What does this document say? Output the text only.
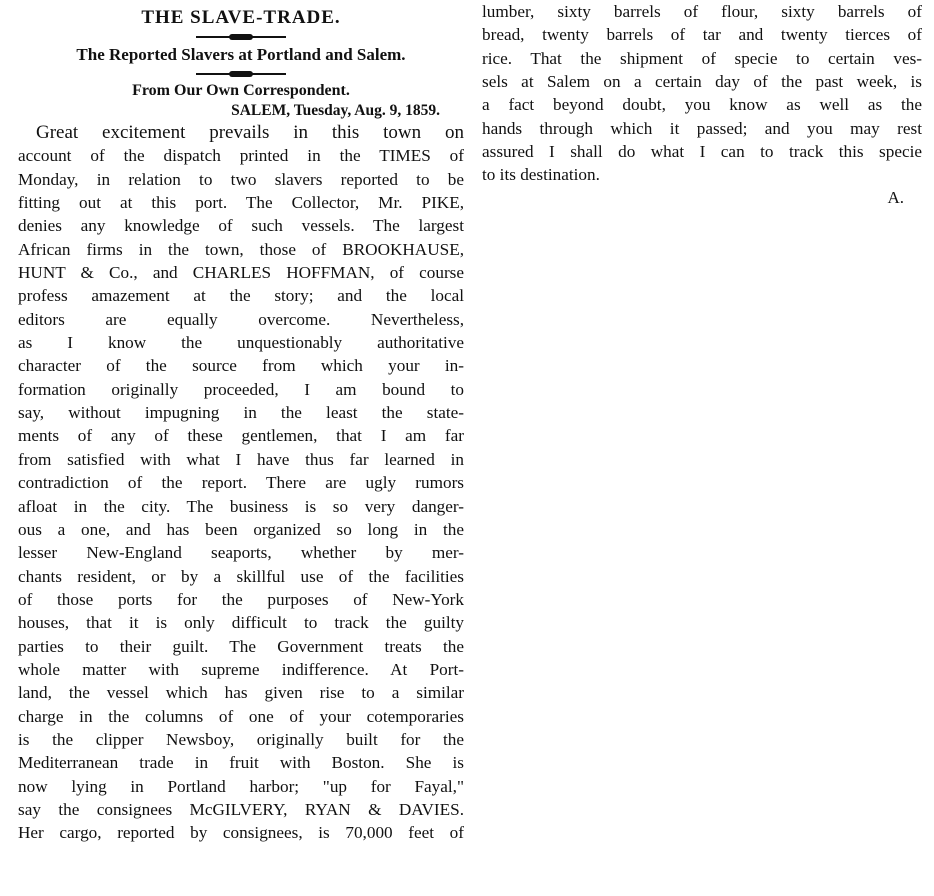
THE SLAVE-TRADE.
The Reported Slavers at Portland and Salem.
From Our Own Correspondent.
SALEM, Tuesday, Aug. 9, 1859.

Great excitement prevails in this town on
account of the dispatch printed in the TIMES of
Monday, in relation to two slavers reported to be
fitting out at this port. The Collector, Mr. PIKE,
denies any knowledge of such vessels. The largest
African firms in the town, those of BROOKHAUSE,
HUNT & Co., and CHARLES HOFFMAN, of course
profess amazement at the story; and the local
editors are equally overcome. Nevertheless,
as I know the unquestionably authoritative
character of the source from which your in-
formation originally proceeded, I am bound to
say, without impugning in the least the state-
ments of any of these gentlemen, that I am far
from satisfied with what I have thus far learned in
contradiction of the report. There are ugly rumors
afloat in the city. The business is so very danger-
ous a one, and has been organized so long in the
lesser New-England seaports, whether by mer-
chants resident, or by a skillful use of the facilities
of those ports for the purposes of New-York
houses, that it is only difficult to track the guilty
parties to their guilt. The Government treats the
whole matter with supreme indifference. At Port-
land, the vessel which has given rise to a similar
charge in the columns of one of your cotemporaries
is the clipper Newsboy, originally built for the
Mediterranean trade in fruit with Boston. She is
now lying in Portland harbor; "up for Fayal,"
say the consignees McGILVERY, RYAN & DAVIES.
Her cargo, reported by consignees, is 70,000 feet of

lumber, sixty barrels of flour, sixty barrels of
bread, twenty barrels of tar and twenty tierces of
rice. That the shipment of specie to certain ves-
sels at Salem on a certain day of the past week, is
a fact beyond doubt, you know as well as the
hands through which it passed; and you may rest
assured I shall do what I can to track this specie
to its destination.

A.
